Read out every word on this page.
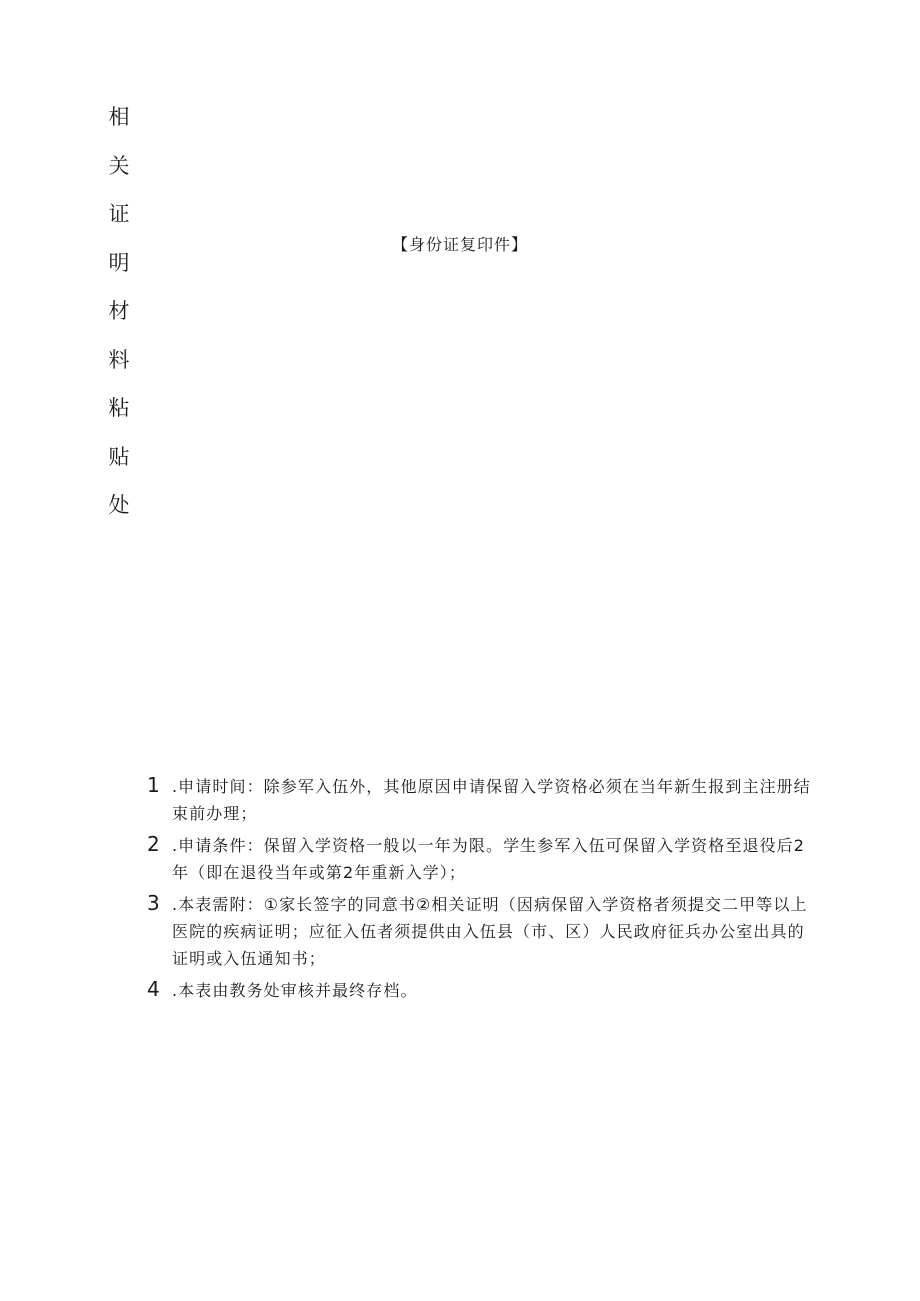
相
关
证
明
材
料
粘
贴
处
【身份证复印件】
1 .申请时间：除参军入伍外，其他原因申请保留入学资格必须在当年新生报到主注册结束前办理；
2 .申请条件：保留入学资格一般以一年为限。学生参军入伍可保留入学资格至退役后2年（即在退役当年或第2年重新入学）；
3 .本表需附：①家长签字的同意书②相关证明（因病保留入学资格者须提交二甲等以上医院的疾病证明；应征入伍者须提供由入伍县（市、区）人民政府征兵办公室出具的证明或入伍通知书；
4 .本表由教务处审核并最终存档。
